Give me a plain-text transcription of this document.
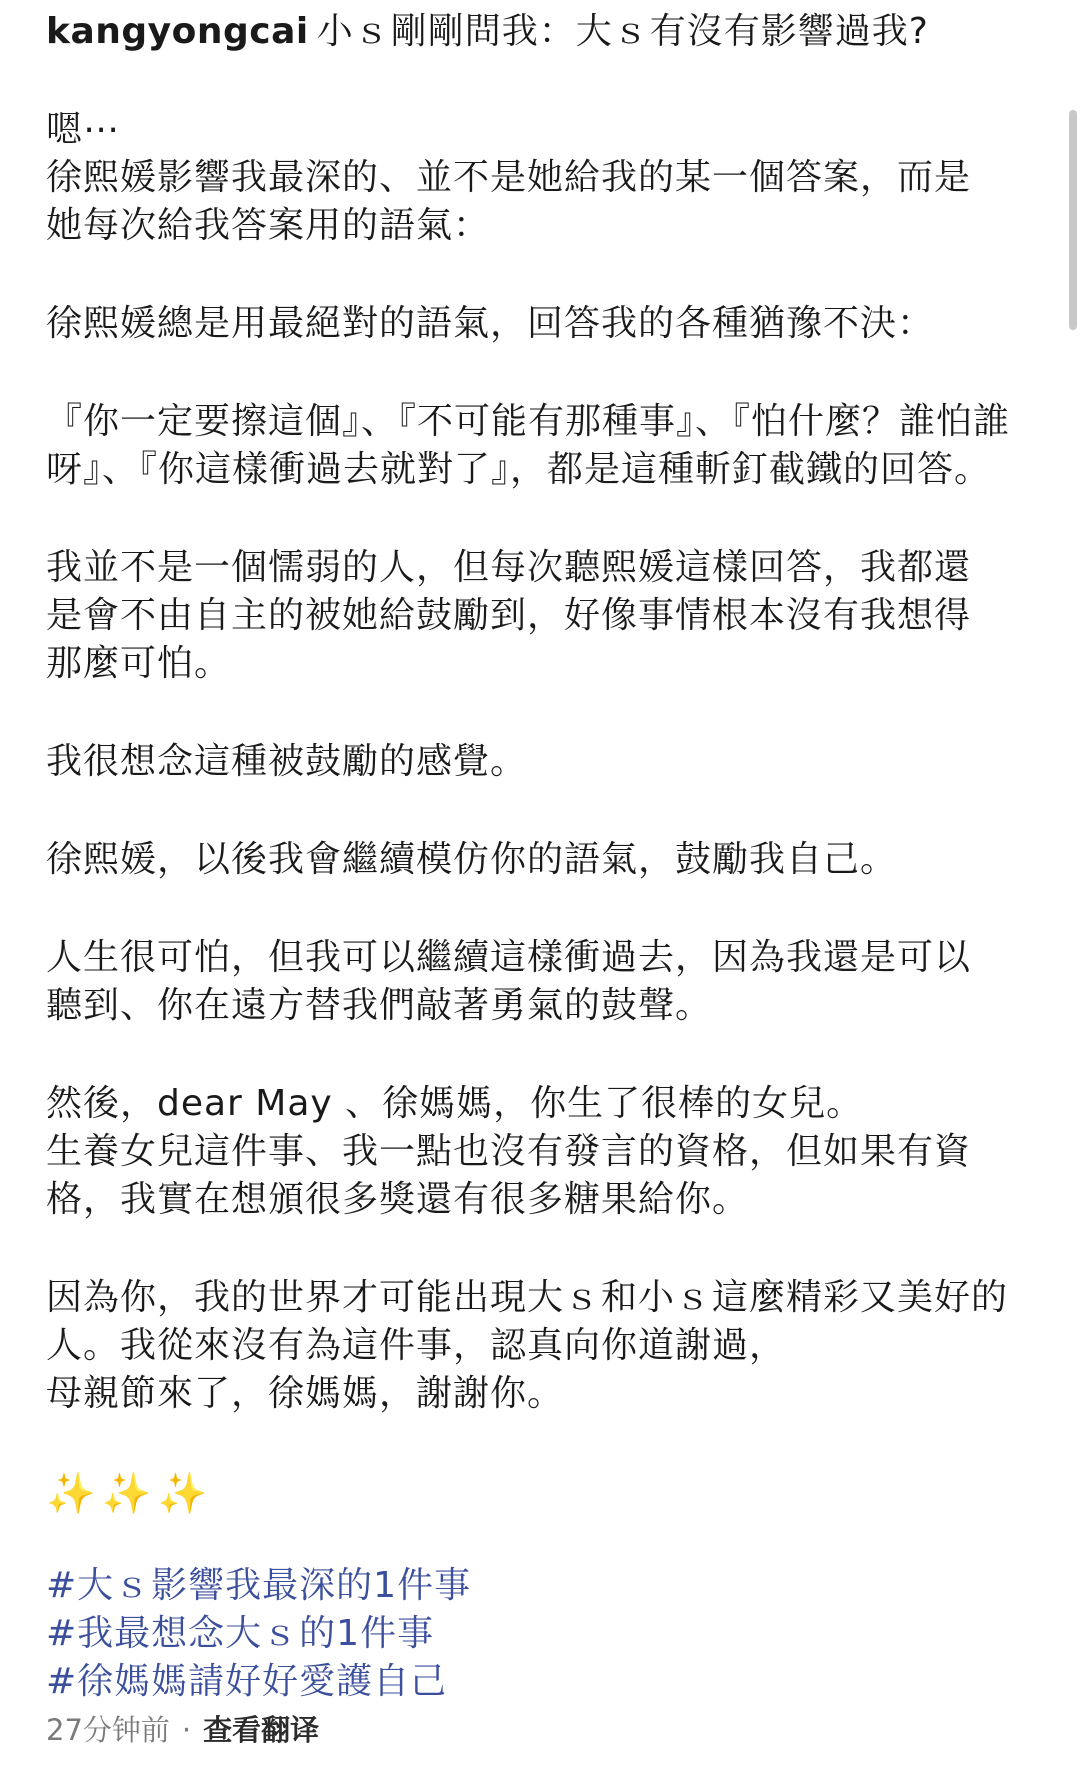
kangyongcai 小ｓ剛剛問我：大ｓ有沒有影響過我?
嗯⋯
徐熙媛影響我最深的、並不是她給我的某一個答案，而是
她每次給我答案用的語氣：
徐熙媛總是用最絕對的語氣，回答我的各種猶豫不決：
『你一定要擦這個』、『不可能有那種事』、『怕什麼？誰怕誰
呀』、『你這樣衝過去就對了』，都是這種斬釘截鐵的回答。
我並不是一個懦弱的人，但每次聽熙媛這樣回答，我都還
是會不由自主的被她給鼓勵到，好像事情根本沒有我想得
那麼可怕。
我很想念這種被鼓勵的感覺。
徐熙媛，以後我會繼續模仿你的語氣，鼓勵我自己。
人生很可怕，但我可以繼續這樣衝過去，因為我還是可以
聽到、你在遠方替我們敲著勇氣的鼓聲。
然後，dear May 、徐媽媽，你生了很棒的女兒。
生養女兒這件事、我一點也沒有發言的資格，但如果有資
格，我實在想頒很多獎還有很多糖果給你。
因為你，我的世界才可能出現大ｓ和小ｓ這麼精彩又美好的
人。我從來沒有為這件事，認真向你道謝過，
母親節來了，徐媽媽，謝謝你。
✨✨✨
#大ｓ影響我最深的1件事
#我最想念大ｓ的1件事
#徐媽媽請好好愛護自己
27分钟前 · 查看翻译
